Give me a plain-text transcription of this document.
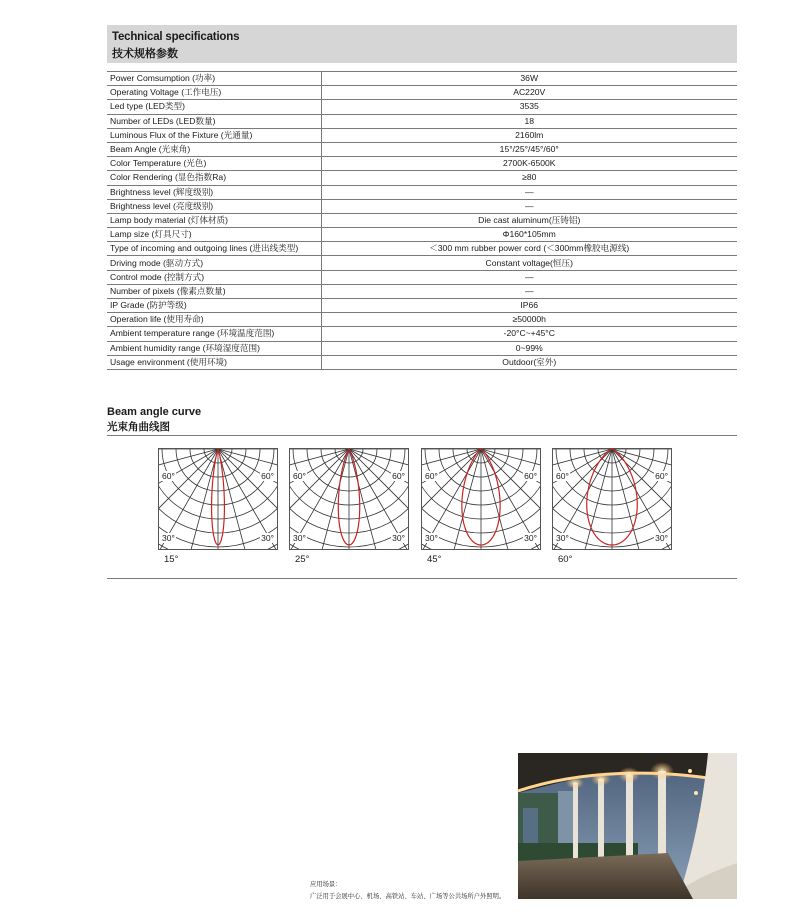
Technical specifications
技术规格参数
Power Comsumption (功率)	36W
Operating Voltage (工作电压)	AC220V
Led type (LED类型)	3535
Number of LEDs (LED数量)	18
Luminous Flux of the Fixture (光通量)	2160lm
Beam Angle (光束角)	15°/25°/45°/60°
Color Temperature (光色)	2700K-6500K
Color Rendering (显色指数Ra)	≥80
Brightness level (辉度级别)	—
Brightness level (亮度级别)	—
Lamp body material (灯体材质)	Die cast aluminum(压铸铝)
Lamp size (灯具尺寸)	Φ160*105mm
Type of incoming and outgoing lines (进出线类型)	＜300 mm rubber power cord (＜300mm橡胶电源线)
Driving mode (驱动方式)	Constant voltage(恒压)
Control mode (控制方式)	—
Number of pixels (像素点数量)	—
IP Grade (防护等级)	IP66
Operation life (使用寿命)	≥50000h
Ambient temperature range (环境温度范围)	-20°C~+45°C
Ambient humidity range (环境湿度范围)	0~99%
Usage environment (使用环境)	Outdoor(室外)
Beam angle curve
光束角曲线图
60°	60°
30°	30°
15°
60°	60°
30°	30°
25°
60°	60°
30°	30°
45°
60°	60°
30°	30°
60°
应用场景：
广泛用于会展中心、机场、高铁站、车站、广场等公共场所户外照明。
